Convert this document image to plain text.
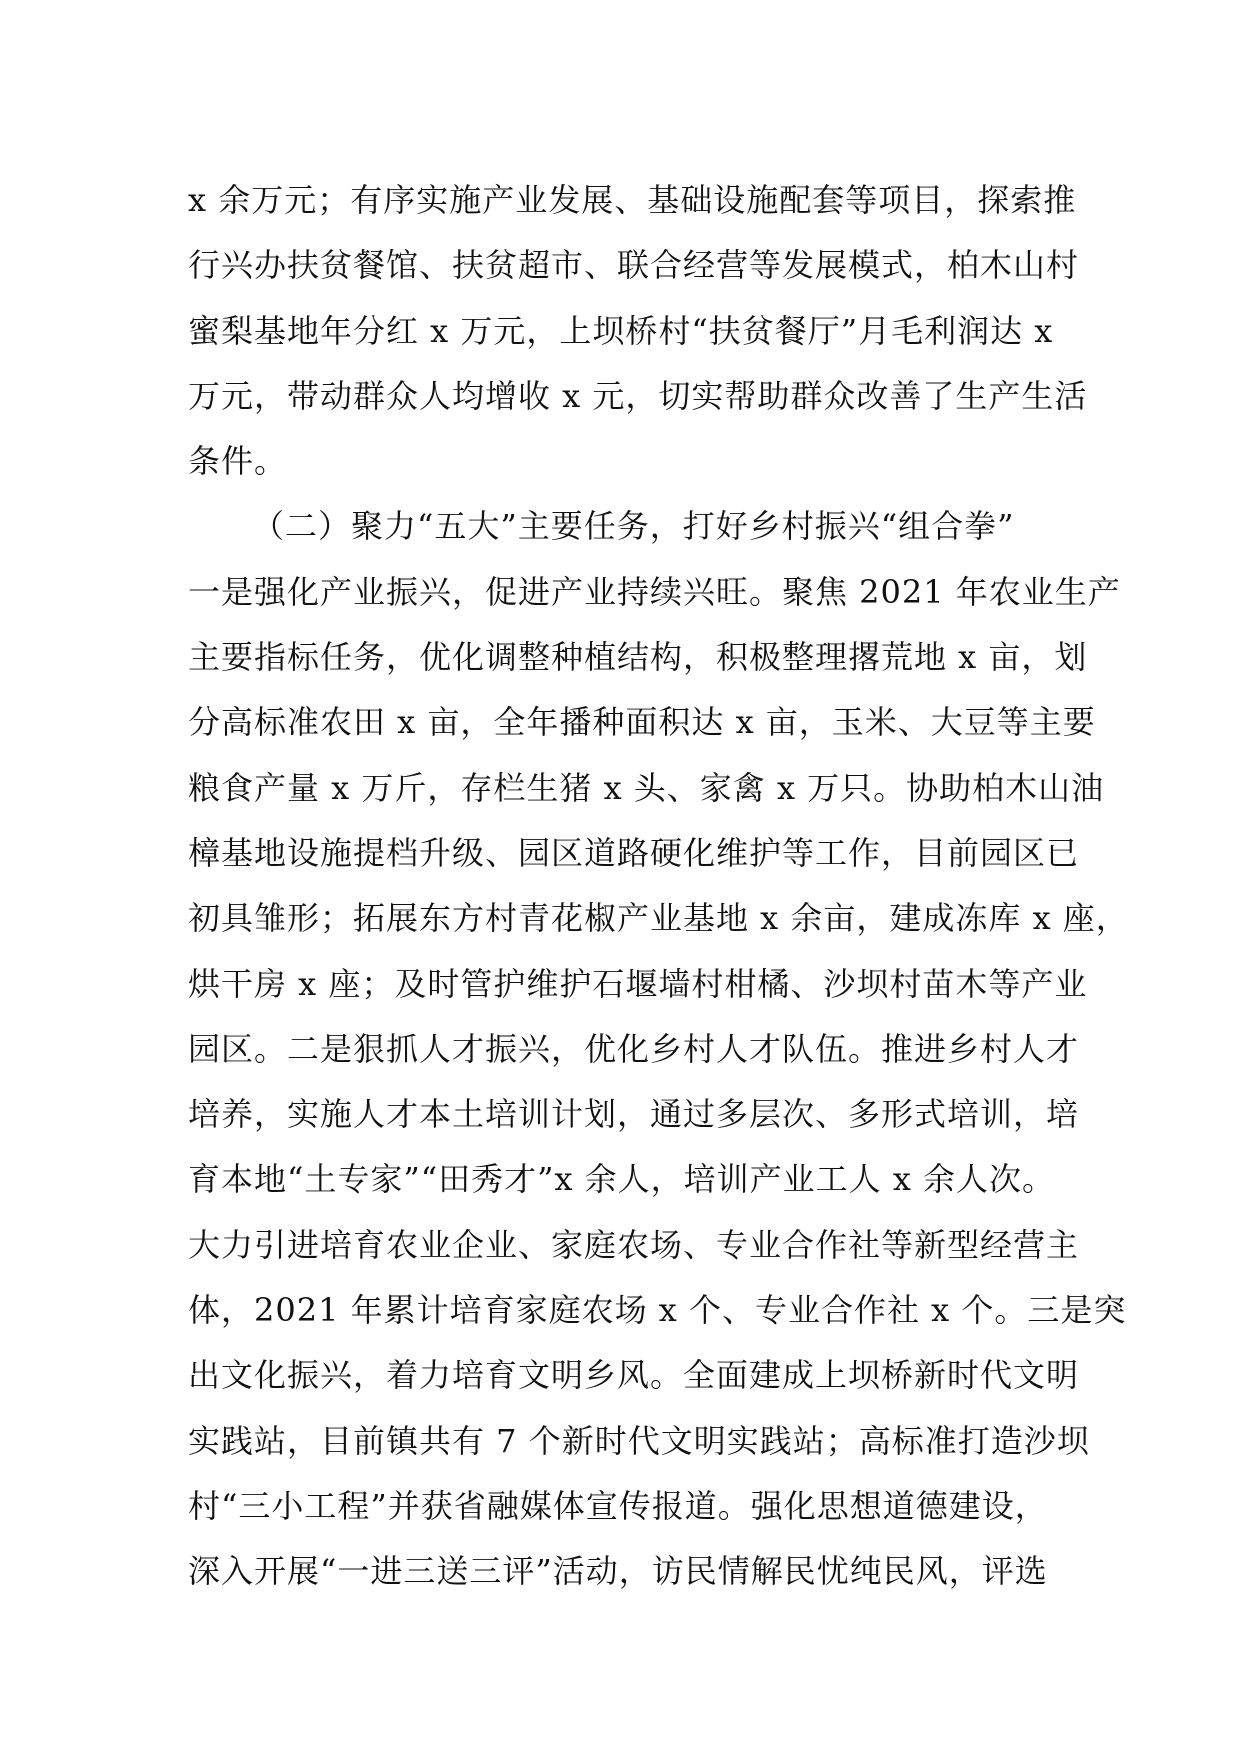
x 余万元；有序实施产业发展、基础设施配套等项目，探索推
行兴办扶贫餐馆、扶贫超市、联合经营等发展模式，柏木山村
蜜梨基地年分红 x 万元，上坝桥村“扶贫餐厅”月毛利润达 x
万元，带动群众人均增收 x 元，切实帮助群众改善了生产生活
条件。
（二）聚力“五大”主要任务，打好乡村振兴“组合拳”
一是强化产业振兴，促进产业持续兴旺。聚焦 2021 年农业生产
主要指标任务，优化调整种植结构，积极整理撂荒地 x 亩，划
分高标准农田 x 亩，全年播种面积达 x 亩，玉米、大豆等主要
粮食产量 x 万斤，存栏生猪 x 头、家禽 x 万只。协助柏木山油
樟基地设施提档升级、园区道路硬化维护等工作，目前园区已
初具雏形；拓展东方村青花椒产业基地 x 余亩，建成冻库 x 座，
烘干房 x 座；及时管护维护石堰墙村柑橘、沙坝村苗木等产业
园区。二是狠抓人才振兴，优化乡村人才队伍。推进乡村人才
培养，实施人才本土培训计划，通过多层次、多形式培训，培
育本地“土专家”“田秀才”x 余人，培训产业工人 x 余人次。
大力引进培育农业企业、家庭农场、专业合作社等新型经营主
体，2021 年累计培育家庭农场 x 个、专业合作社 x 个。三是突
出文化振兴，着力培育文明乡风。全面建成上坝桥新时代文明
实践站，目前镇共有 7 个新时代文明实践站；高标准打造沙坝
村“三小工程”并获省融媒体宣传报道。强化思想道德建设，
深入开展“一进三送三评”活动，访民情解民忧纯民风，评选
